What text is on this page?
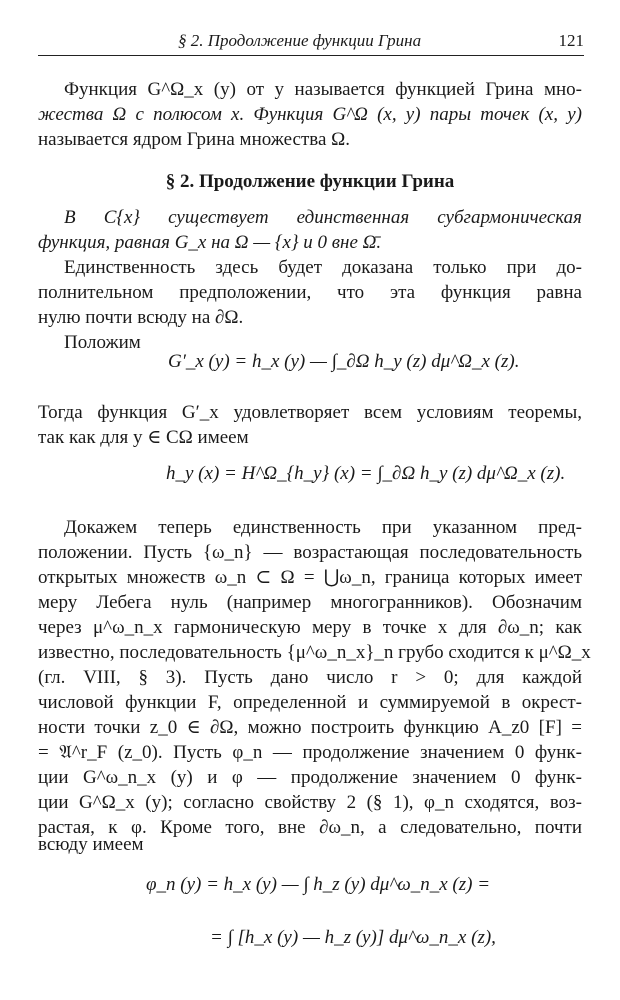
§ 2. Продолжение функции Грина	121
Функция G^Ω_x (y) от y называется функцией Грина мно-
жества Ω с полюсом x. Функция G^Ω (x, y) пары точек (x, y)
называется ядром Грина множества Ω.
§ 2. Продолжение функции Грина
В C{x} существует единственная субгармоническая
функция, равная G_x на Ω — {x} и 0 вне Ω̄.
Единственность здесь будет доказана только при до-
полнительном предположении, что эта функция равна
нулю почти всюду на ∂Ω.
Положим
G′_x (y) = h_x (y) — ∫_∂Ω h_y (z) dμ^Ω_x (z).
Тогда функция G′_x удовлетворяет всем условиям теоремы,
так как для y ∈ CΩ имеем
h_y (x) = H^Ω_{h_y} (x) = ∫_∂Ω h_y (z) dμ^Ω_x (z).
Докажем теперь единственность при указанном пред-
положении. Пусть {ω_n} — возрастающая последовательность
открытых множеств ω_n ⊂ Ω = ⋃ω_n, граница которых имеет
меру Лебега нуль (например многогранников). Обозначим
через μ^ω_n_x гармоническую меру в точке x для ∂ω_n; как
известно, последовательность {μ^ω_n_x}_n грубо сходится к μ^Ω_x
(гл. VIII, § 3). Пусть дано число r > 0; для каждой
числовой функции F, определенной и суммируемой в окрест-
ности точки z_0 ∈ ∂Ω, можно построить функцию A_z0 [F] =
= 𝔄^r_F (z_0). Пусть φ_n — продолжение значением 0 функ-
ции G^ω_n_x (y) и φ — продолжение значением 0 функ-
ции G^Ω_x (y); согласно свойству 2 (§ 1), φ_n сходятся, воз-
растая, к φ. Кроме того, вне ∂ω_n, а следовательно, почти
всюду имеем
φ_n (y) = h_x (y) — ∫ h_z (y) dμ^ω_n_x (z) =
= ∫ [h_x (y) — h_z (y)] dμ^ω_n_x (z),
